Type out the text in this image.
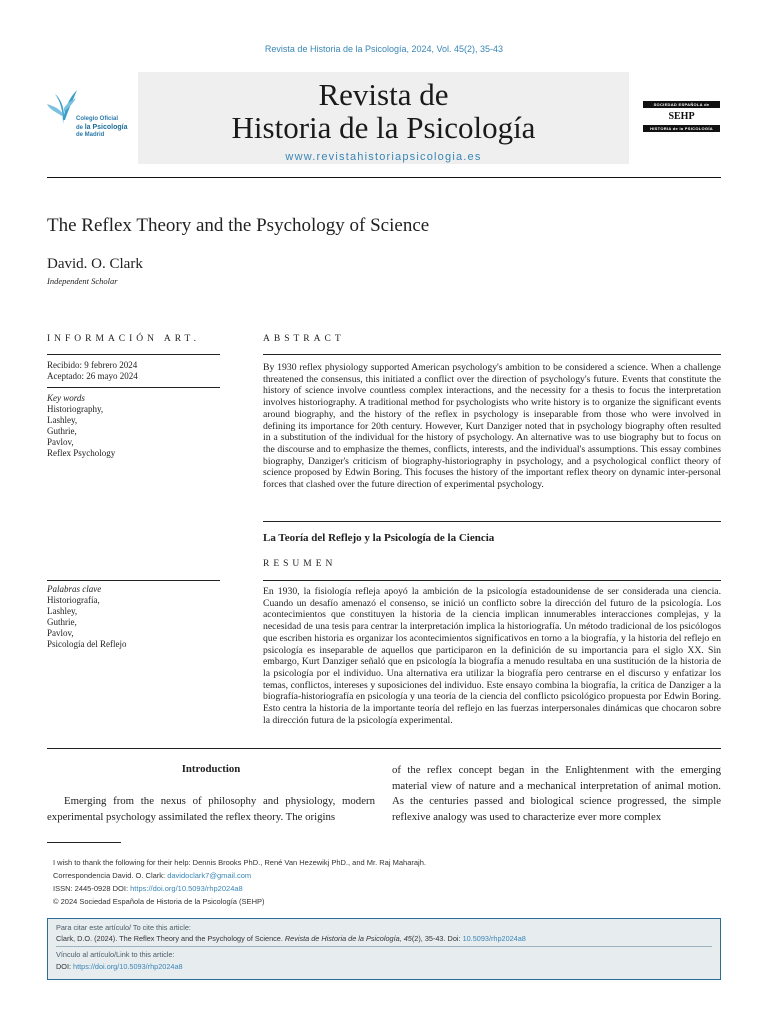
Revista de Historia de la Psicología, 2024, Vol. 45(2), 35-43
Colegio Oficial
de la Psicología
de Madrid
Revista de
Historia de la Psicología
www.revistahistoriapsicologia.es
SOCIEDAD ESPAÑOLA de
SEHP
HISTORIA de la PSICOLOGÍA
The Reflex Theory and the Psychology of Science
David. O. Clark
Independent Scholar
INFORMACIÓN ART.
Recibido: 9 febrero 2024
Aceptado: 26 mayo 2024
Key words
Historiography,
Lashley,
Guthrie,
Pavlov,
Reflex Psychology
Palabras clave
Historiografía,
Lashley,
Guthrie,
Pavlov,
Psicología del Reflejo
ABSTRACT
By 1930 reflex physiology supported American psychology's ambition to be considered a science. When a challenge threatened the consensus, this initiated a conflict over the direction of psychology's future. Events that constitute the history of science involve countless complex interactions, and the necessity for a thesis to focus the interpretation involves historiography. A traditional method for psychologists who write history is to organize the significant events around biography, and the history of the reflex in psychology is inseparable from those who were involved in defining its importance for 20th century. However, Kurt Danziger noted that in psychology biography often resulted in a substitution of the individual for the history of psychology. An alternative was to use biography but to focus on the discourse and to emphasize the themes, conflicts, interests, and the individual's assumptions. This essay combines biography, Danziger's criticism of biography-historiography in psychology, and a psychological conflict theory of science proposed by Edwin Boring. This focuses the history of the important reflex theory on dynamic inter-personal forces that clashed over the future direction of experimental psychology.
La Teoría del Reflejo y la Psicología de la Ciencia
RESUMEN
En 1930, la fisiología refleja apoyó la ambición de la psicología estadounidense de ser considerada una ciencia. Cuando un desafío amenazó el consenso, se inició un conflicto sobre la dirección del futuro de la psicología. Los acontecimientos que constituyen la historia de la ciencia implican innumerables interacciones complejas, y la necesidad de una tesis para centrar la interpretación implica la historiografía. Un método tradicional de los psicólogos que escriben historia es organizar los acontecimientos significativos en torno a la biografía, y la historia del reflejo en psicología es inseparable de aquellos que participaron en la definición de su importancia para el siglo XX. Sin embargo, Kurt Danziger señaló que en psicología la biografía a menudo resultaba en una sustitución de la historia de la psicología por el individuo. Una alternativa era utilizar la biografía pero centrarse en el discurso y enfatizar los temas, conflictos, intereses y suposiciones del individuo. Este ensayo combina la biografía, la crítica de Danziger a la biografía-historiografía en psicología y una teoría de la ciencia del conflicto psicológico propuesta por Edwin Boring. Esto centra la historia de la importante teoría del reflejo en las fuerzas interpersonales dinámicas que chocaron sobre la dirección futura de la psicología experimental.
Introduction
Emerging from the nexus of philosophy and physiology, modern experimental psychology assimilated the reflex theory. The origins
of the reflex concept began in the Enlightenment with the emerging material view of nature and a mechanical interpretation of animal motion. As the centuries passed and biological science progressed, the simple reflexive analogy was used to characterize ever more complex
I wish to thank the following for their help: Dennis Brooks PhD., René Van Hezewikj PhD., and Mr. Raj Maharajh.
Correspondencia David. O. Clark: davidoclark7@gmail.com
ISSN: 2445-0928 DOI: https://doi.org/10.5093/rhp2024a8
© 2024 Sociedad Española de Historia de la Psicología (SEHP)
Para citar este artículo/ To cite this article:
Clark, D.O. (2024). The Reflex Theory and the Psychology of Science. Revista de Historia de la Psicología, 45(2), 35-43. Doi: 10.5093/rhp2024a8
Vínculo al artículo/Link to this article:
DOI: https://doi.org/10.5093/rhp2024a8
